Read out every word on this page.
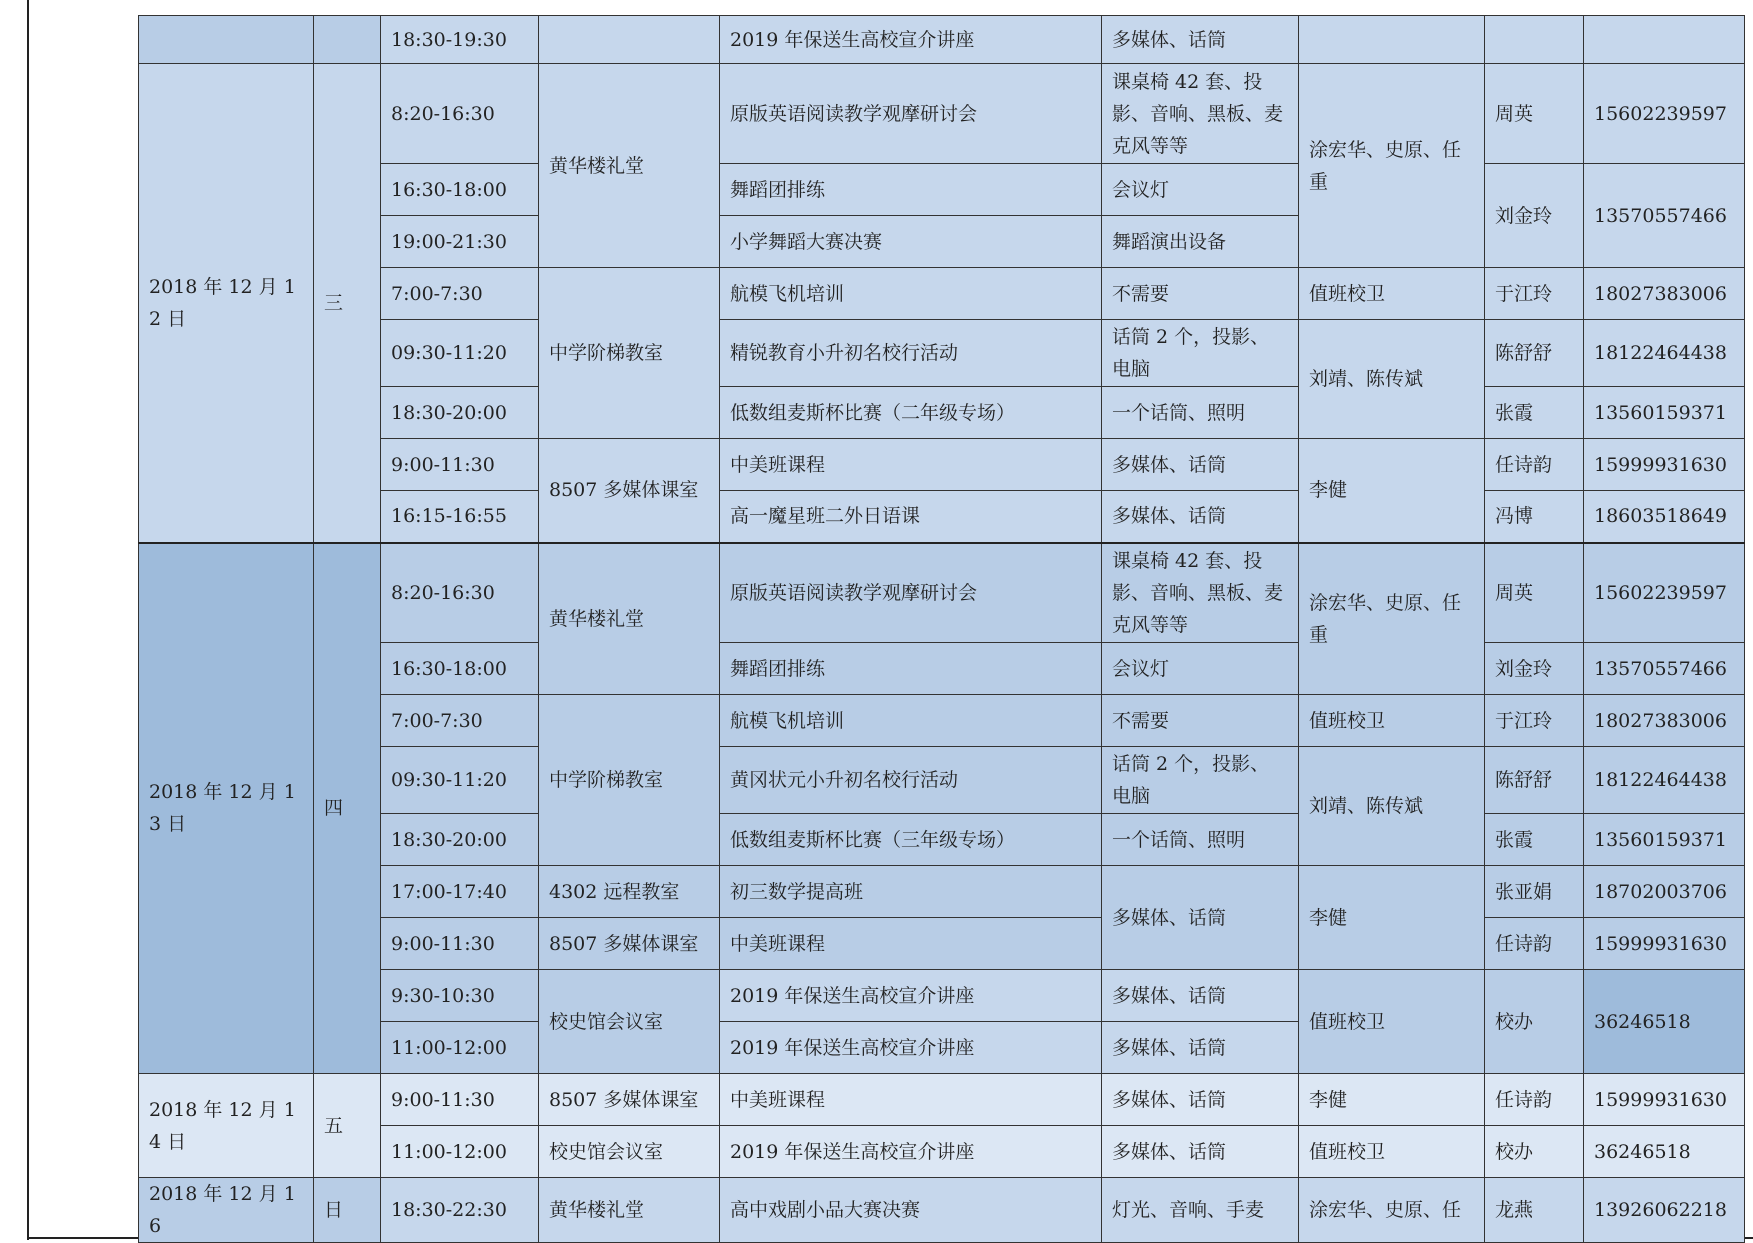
		18:30-19:30		2019 年保送生高校宣介讲座	多媒体、话筒			
2018 年 12 月 12 日	三	8:20-16:30	黄华楼礼堂	原版英语阅读教学观摩研讨会	课桌椅 42 套、投影、音响、黑板、麦克风等等	涂宏华、史原、任重	周英	15602239597
		16:30-18:00		舞蹈团排练	会议灯		刘金玲	13570557466
		19:00-21:30		小学舞蹈大赛决赛	舞蹈演出设备			
		7:00-7:30	中学阶梯教室	航模飞机培训	不需要	值班校卫	于江玲	18027383006
		09:30-11:20		精锐教育小升初名校行活动	话筒 2 个，投影、电脑	刘靖、陈传斌	陈舒舒	18122464438
		18:30-20:00		低数组麦斯杯比赛（二年级专场）	一个话筒、照明		张霞	13560159371
		9:00-11:30	8507 多媒体课室	中美班课程	多媒体、话筒	李健	任诗韵	15999931630
		16:15-16:55		高一魔星班二外日语课	多媒体、话筒		冯博	18603518649
2018 年 12 月 13 日	四	8:20-16:30	黄华楼礼堂	原版英语阅读教学观摩研讨会	课桌椅 42 套、投影、音响、黑板、麦克风等等	涂宏华、史原、任重	周英	15602239597
		16:30-18:00		舞蹈团排练	会议灯		刘金玲	13570557466
		7:00-7:30	中学阶梯教室	航模飞机培训	不需要	值班校卫	于江玲	18027383006
		09:30-11:20		黄冈状元小升初名校行活动	话筒 2 个，投影、电脑	刘靖、陈传斌	陈舒舒	18122464438
		18:30-20:00		低数组麦斯杯比赛（三年级专场）	一个话筒、照明		张霞	13560159371
		17:00-17:40	4302 远程教室	初三数学提高班	多媒体、话筒	李健	张亚娟	18702003706
		9:00-11:30	8507 多媒体课室	中美班课程			任诗韵	15999931630
		9:30-10:30	校史馆会议室	2019 年保送生高校宣介讲座	多媒体、话筒	值班校卫	校办	36246518
		11:00-12:00		2019 年保送生高校宣介讲座	多媒体、话筒			
2018 年 12 月 14 日	五	9:00-11:30	8507 多媒体课室	中美班课程	多媒体、话筒	李健	任诗韵	15999931630
		11:00-12:00	校史馆会议室	2019 年保送生高校宣介讲座	多媒体、话筒	值班校卫	校办	36246518
2018 年 12 月 16	日	18:30-22:30	黄华楼礼堂	高中戏剧小品大赛决赛	灯光、音响、手麦	涂宏华、史原、任	龙燕	13926062218
